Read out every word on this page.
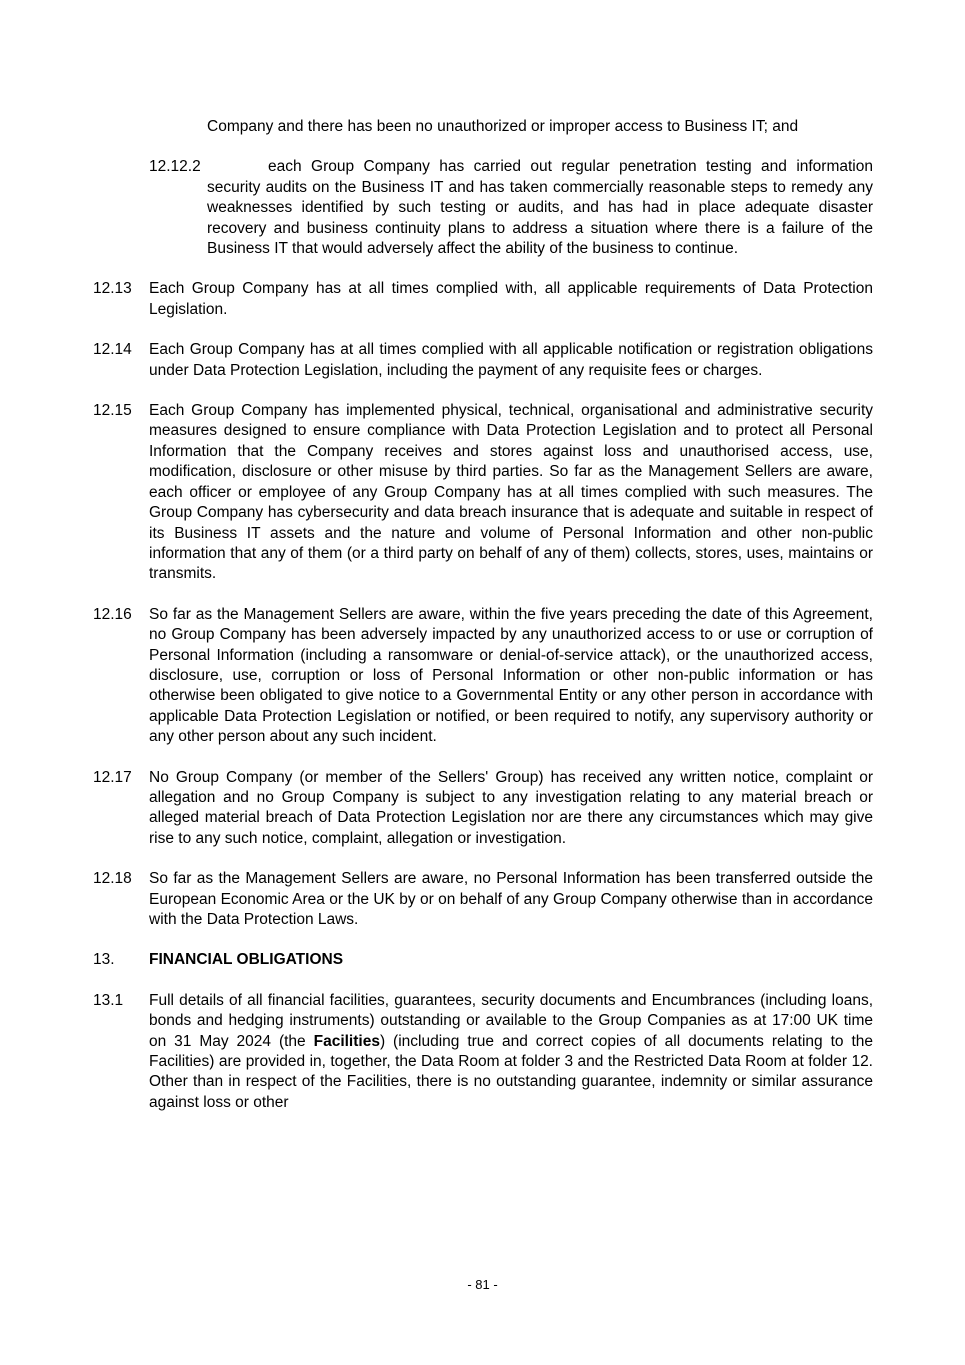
Company and there has been no unauthorized or improper access to Business IT; and
12.12.2	each Group Company has carried out regular penetration testing and information security audits on the Business IT and has taken commercially reasonable steps to remedy any weaknesses identified by such testing or audits, and has had in place adequate disaster recovery and business continuity plans to address a situation where there is a failure of the Business IT that would adversely affect the ability of the business to continue.
12.13	Each Group Company has at all times complied with, all applicable requirements of Data Protection Legislation.
12.14	Each Group Company has at all times complied with all applicable notification or registration obligations under Data Protection Legislation, including the payment of any requisite fees or charges.
12.15	Each Group Company has implemented physical, technical, organisational and administrative security measures designed to ensure compliance with Data Protection Legislation and to protect all Personal Information that the Company receives and stores against loss and unauthorised access, use, modification, disclosure or other misuse by third parties. So far as the Management Sellers are aware, each officer or employee of any Group Company has at all times complied with such measures. The Group Company has cybersecurity and data breach insurance that is adequate and suitable in respect of its Business IT assets and the nature and volume of Personal Information and other non-public information that any of them (or a third party on behalf of any of them) collects, stores, uses, maintains or transmits.
12.16	So far as the Management Sellers are aware, within the five years preceding the date of this Agreement, no Group Company has been adversely impacted by any unauthorized access to or use or corruption of Personal Information (including a ransomware or denial-of-service attack), or the unauthorized access, disclosure, use, corruption or loss of Personal Information or other non-public information or has otherwise been obligated to give notice to a Governmental Entity or any other person in accordance with applicable Data Protection Legislation or notified, or been required to notify, any supervisory authority or any other person about any such incident.
12.17	No Group Company (or member of the Sellers' Group) has received any written notice, complaint or allegation and no Group Company is subject to any investigation relating to any material breach or alleged material breach of Data Protection Legislation nor are there any circumstances which may give rise to any such notice, complaint, allegation or investigation.
12.18	So far as the Management Sellers are aware, no Personal Information has been transferred outside the European Economic Area or the UK by or on behalf of any Group Company otherwise than in accordance with the Data Protection Laws.
13.	FINANCIAL OBLIGATIONS
13.1	Full details of all financial facilities, guarantees, security documents and Encumbrances (including loans, bonds and hedging instruments) outstanding or available to the Group Companies as at 17:00 UK time on 31 May 2024 (the Facilities) (including true and correct copies of all documents relating to the Facilities) are provided in, together, the Data Room at folder 3 and the Restricted Data Room at folder 12. Other than in respect of the Facilities, there is no outstanding guarantee, indemnity or similar assurance against loss or other
- 81 -
